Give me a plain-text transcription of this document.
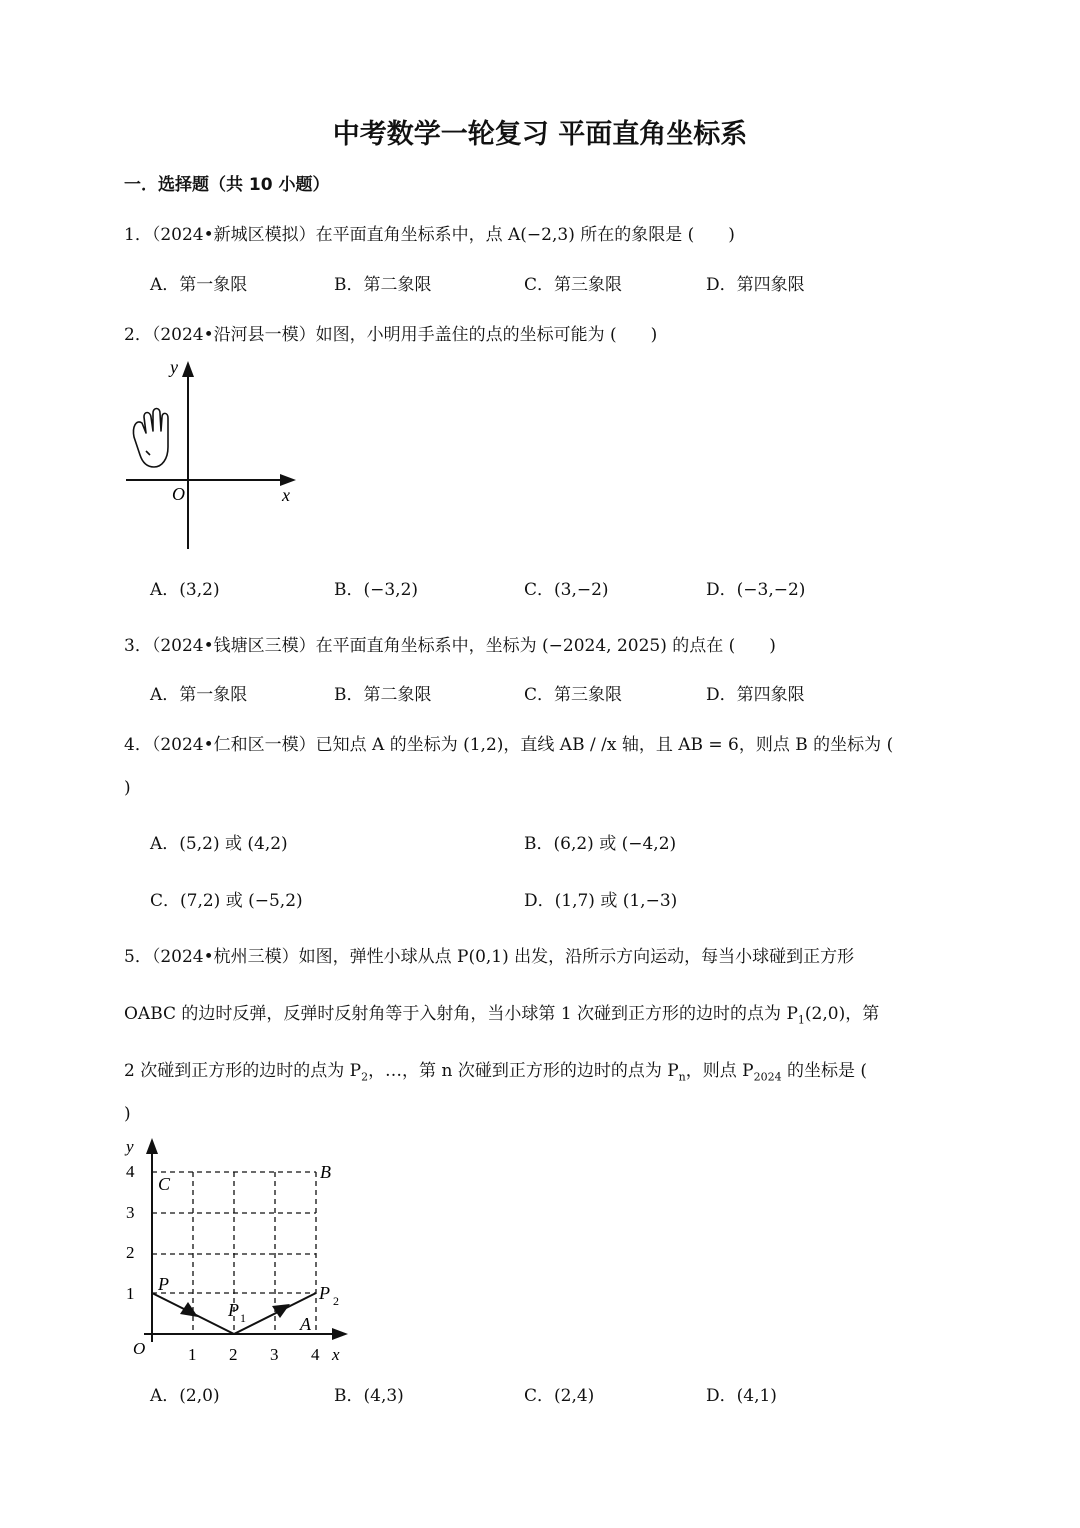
中考数学一轮复习 平面直角坐标系
一．选择题（共 10 小题）
1．（2024•新城区模拟）在平面直角坐标系中，点 A(−2,3) 所在的象限是 (　　)
A．第一象限	B．第二象限	C．第三象限	D．第四象限
2．（2024•沿河县一模）如图，小明用手盖住的点的坐标可能为 (　　)
y
x
O
A．(3,2)	B．(−3,2)	C．(3,−2)	D．(−3,−2)
3．（2024•钱塘区三模）在平面直角坐标系中，坐标为 (−2024, 2025) 的点在 (　　)
A．第一象限	B．第二象限	C．第三象限	D．第四象限
4．（2024•仁和区一模）已知点 A 的坐标为 (1,2)，直线 AB / /x 轴，且 AB = 6，则点 B 的坐标为 (
)
A．(5,2) 或 (4,2)	B．(6,2) 或 (−4,2)
C．(7,2) 或 (−5,2)	D．(1,7) 或 (1,−3)
5．（2024•杭州三模）如图，弹性小球从点 P(0,1) 出发，沿所示方向运动，每当小球碰到正方形
OABC 的边时反弹，反弹时反射角等于入射角，当小球第 1 次碰到正方形的边时的点为 $P_1(2,0)$，第
2 次碰到正方形的边时的点为 $P_2$，…，第 n 次碰到正方形的边时的点为 $P_n$，则点 $P_{2024}$ 的坐标是 (
)
1 2 3 4
1
2
3
4
y
x
O
C
B
P
P 1
P 2
A
A．(2,0)	B．(4,3)	C．(2,4)	D．(4,1)
